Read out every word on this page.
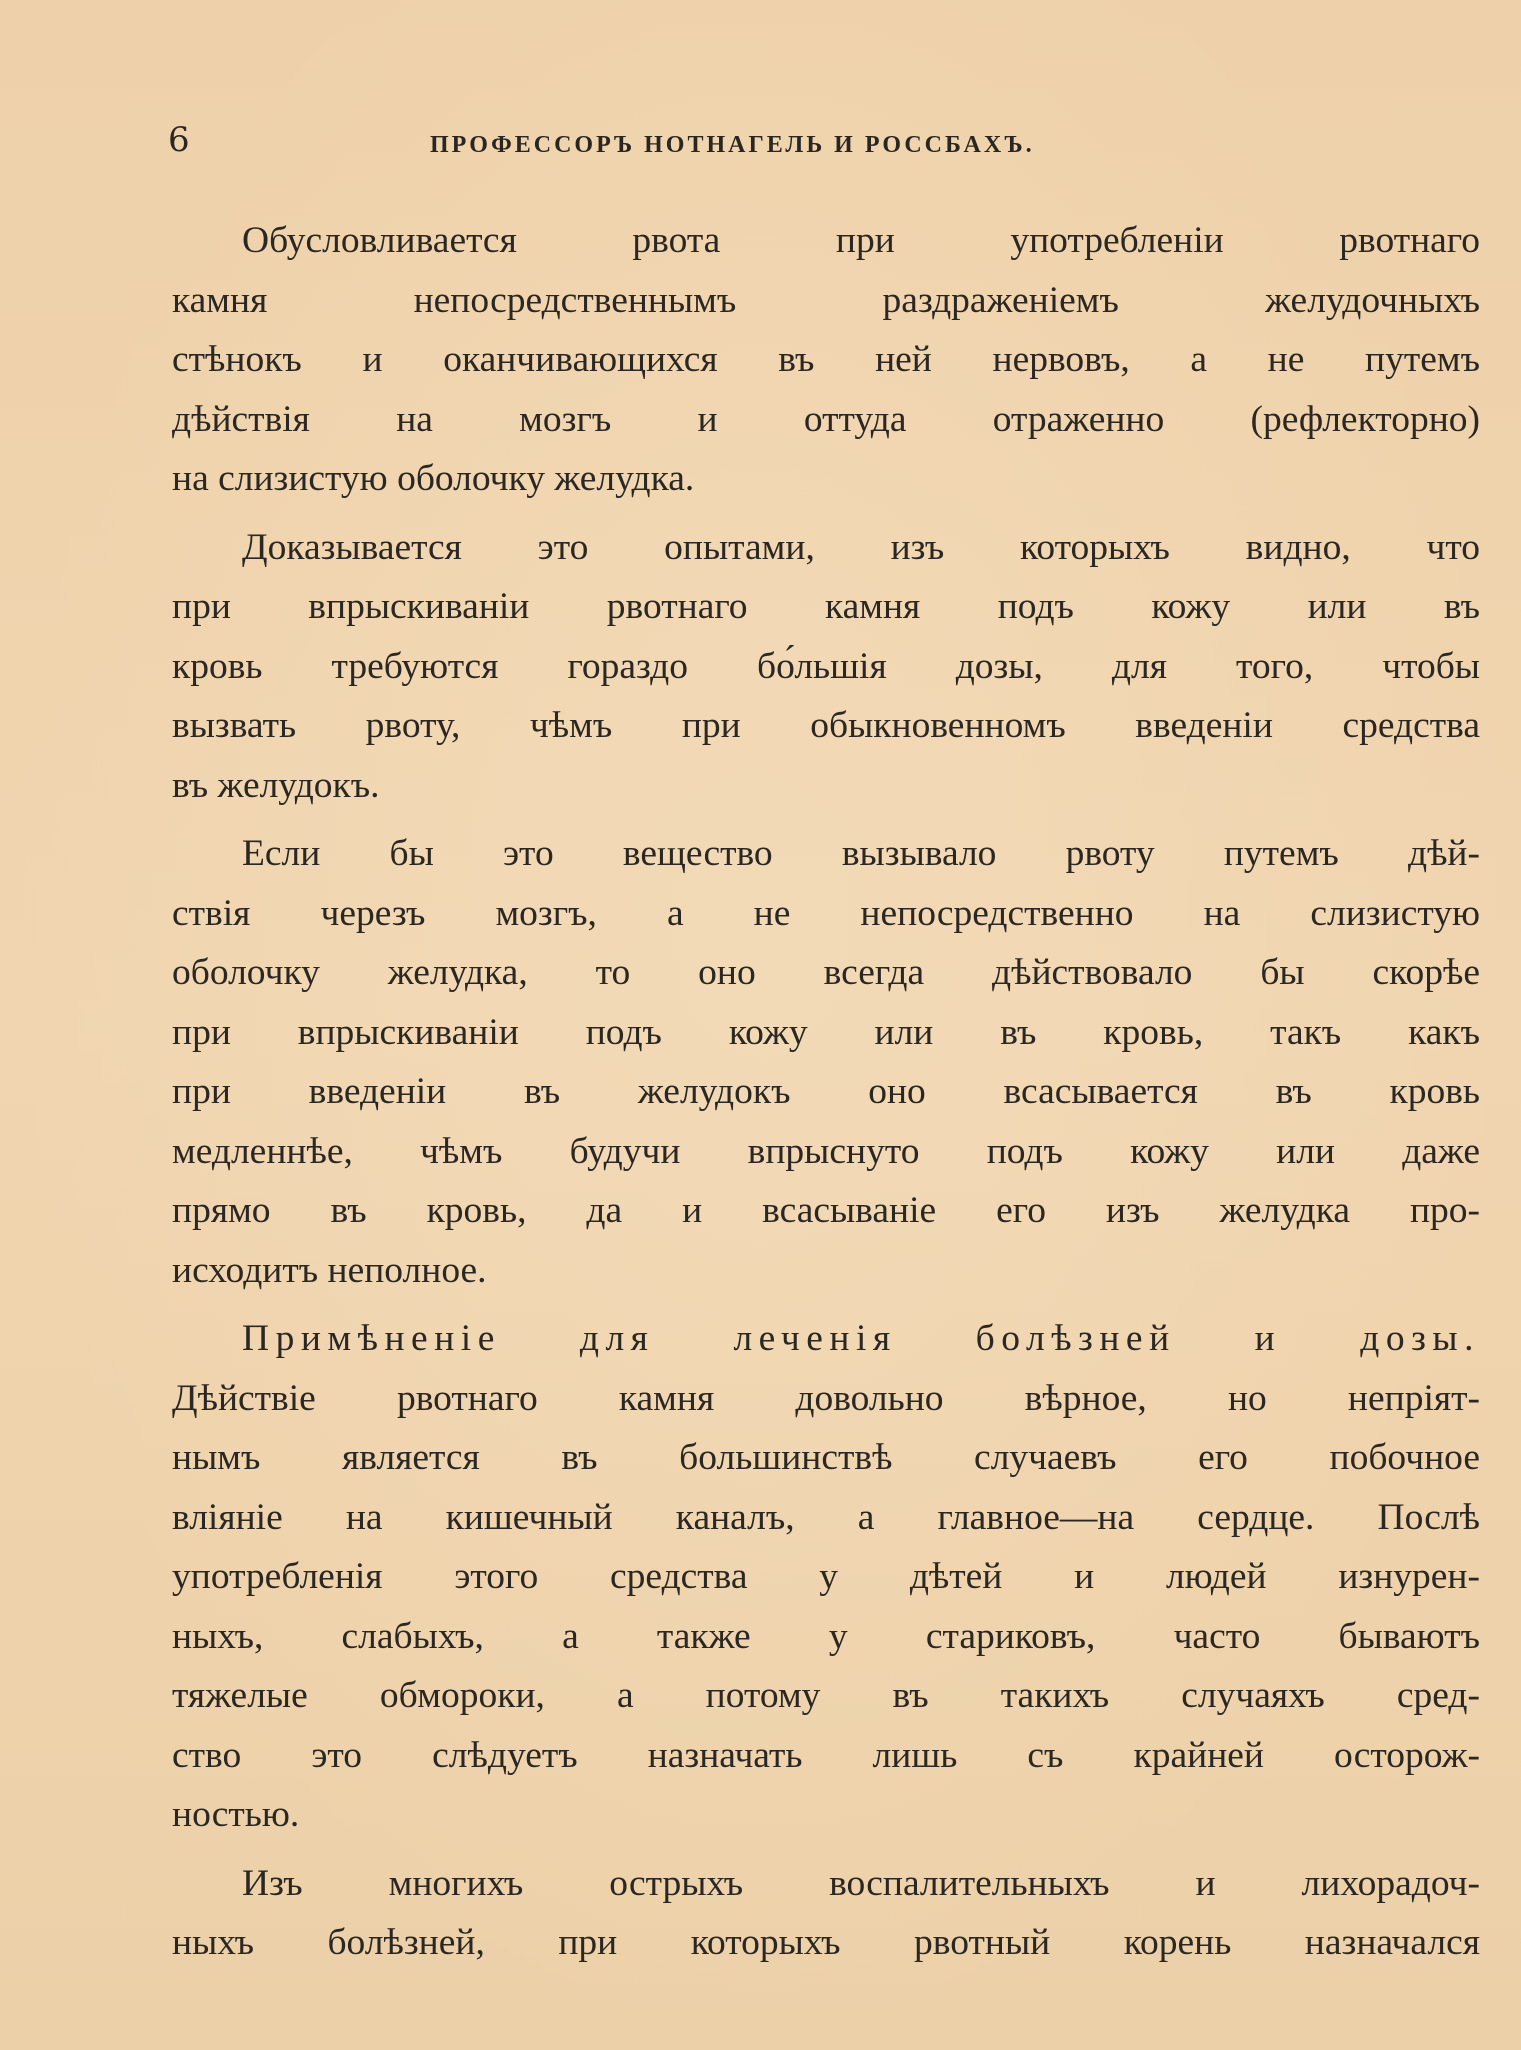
6	ПРОФЕССОРЪ НОТНАГЕЛЬ И РОССБАХЪ.
Обусловливается рвота при употребленіи рвотнаго
камня непосредственнымъ раздраженіемъ желудочныхъ
стѣнокъ и оканчивающихся въ ней нервовъ, а не путемъ
дѣйствія на мозгъ и оттуда отраженно (рефлекторно)
на слизистую оболочку желудка.
Доказывается это опытами, изъ которыхъ видно, что
при впрыскиваніи рвотнаго камня подъ кожу или въ
кровь требуются гораздо бо́льшія дозы, для того, чтобы
вызвать рвоту, чѣмъ при обыкновенномъ введеніи средства
въ желудокъ.
Если бы это вещество вызывало рвоту путемъ дѣй-
ствія черезъ мозгъ, а не непосредственно на слизистую
оболочку желудка, то оно всегда дѣйствовало бы скорѣе
при впрыскиваніи подъ кожу или въ кровь, такъ какъ
при введеніи въ желудокъ оно всасывается въ кровь
медленнѣе, чѣмъ будучи впрыснуто подъ кожу или даже
прямо въ кровь, да и всасываніе его изъ желудка про-
исходитъ неполное.
Примѣненіе для леченія болѣзней и дозы.
Дѣйствіе рвотнаго камня довольно вѣрное, но непріят-
нымъ является въ большинствѣ случаевъ его побочное
вліяніе на кишечный каналъ, а главное—на сердце. Послѣ
употребленія этого средства у дѣтей и людей изнурен-
ныхъ, слабыхъ, а также у стариковъ, часто бываютъ
тяжелые обмороки, а потому въ такихъ случаяхъ сред-
ство это слѣдуетъ назначать лишь съ крайней осторож-
ностью.
Изъ многихъ острыхъ воспалительныхъ и лихорадоч-
ныхъ болѣзней, при которыхъ рвотный корень назначался
